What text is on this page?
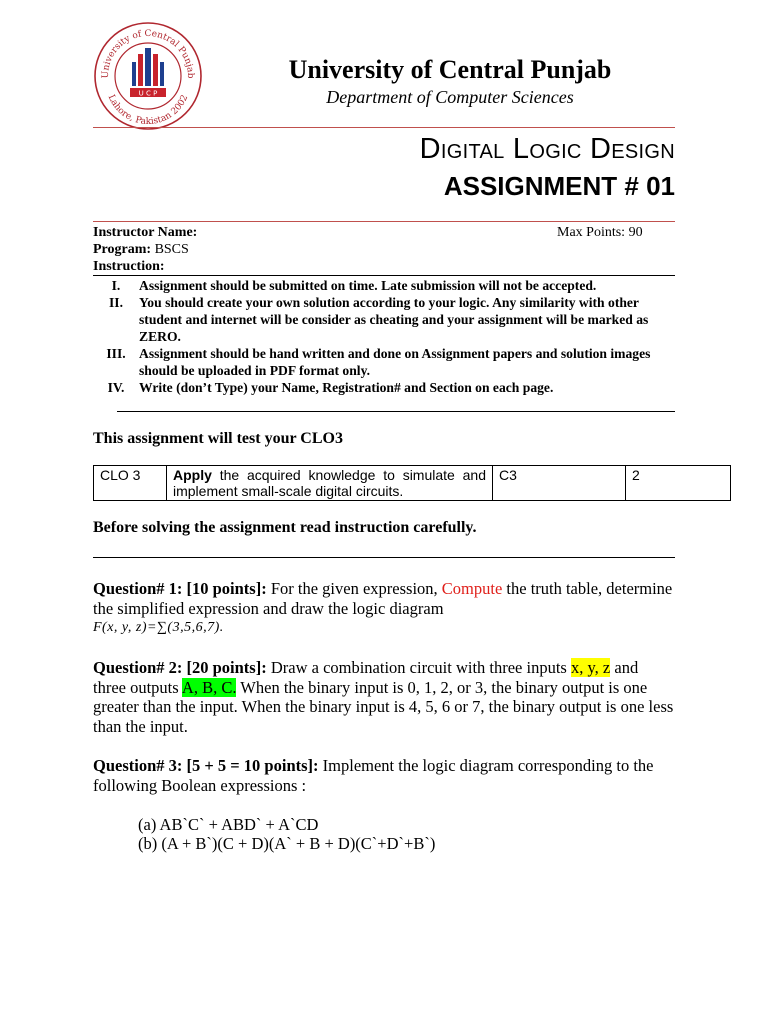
University of Central Punjab
Lahore, Pakistan 2002
U C P
University of Central Punjab
Department of Computer Sciences
Digital Logic Design
ASSIGNMENT # 01
Instructor Name:	Max Points: 90
Program: BSCS
Instruction:
I.	Assignment should be submitted on time. Late submission will not be accepted.
II.	You should create your own solution according to your logic. Any similarity with other student and internet will be consider as cheating and your assignment will be marked as ZERO.
III. Assignment should be hand written and done on Assignment papers and solution images should be uploaded in PDF format only.
IV.	Write (don’t Type) your Name, Registration# and Section on each page.
This assignment will test your CLO3
CLO 3	Apply the acquired knowledge to simulate and implement small-scale digital circuits.	C3	2
Before solving the assignment read instruction carefully.
Question# 1: [10 points]: For the given expression, Compute the truth table, determine the simplified expression and draw the logic diagram
F(x, y, z)=∑(3,5,6,7).
Question# 2: [20 points]: Draw a combination circuit with three inputs x, y, z and three outputs A, B, C. When the binary input is 0, 1, 2, or 3, the binary output is one greater than the input. When the binary input is 4, 5, 6 or 7, the binary output is one less than the input.
Question# 3: [5 + 5 = 10 points]: Implement the logic diagram corresponding to the following Boolean expressions :
(a) AB`C` + ABD` + A`CD
(b) (A + B`)(C + D)(A` + B + D)(C`+D`+B`)
